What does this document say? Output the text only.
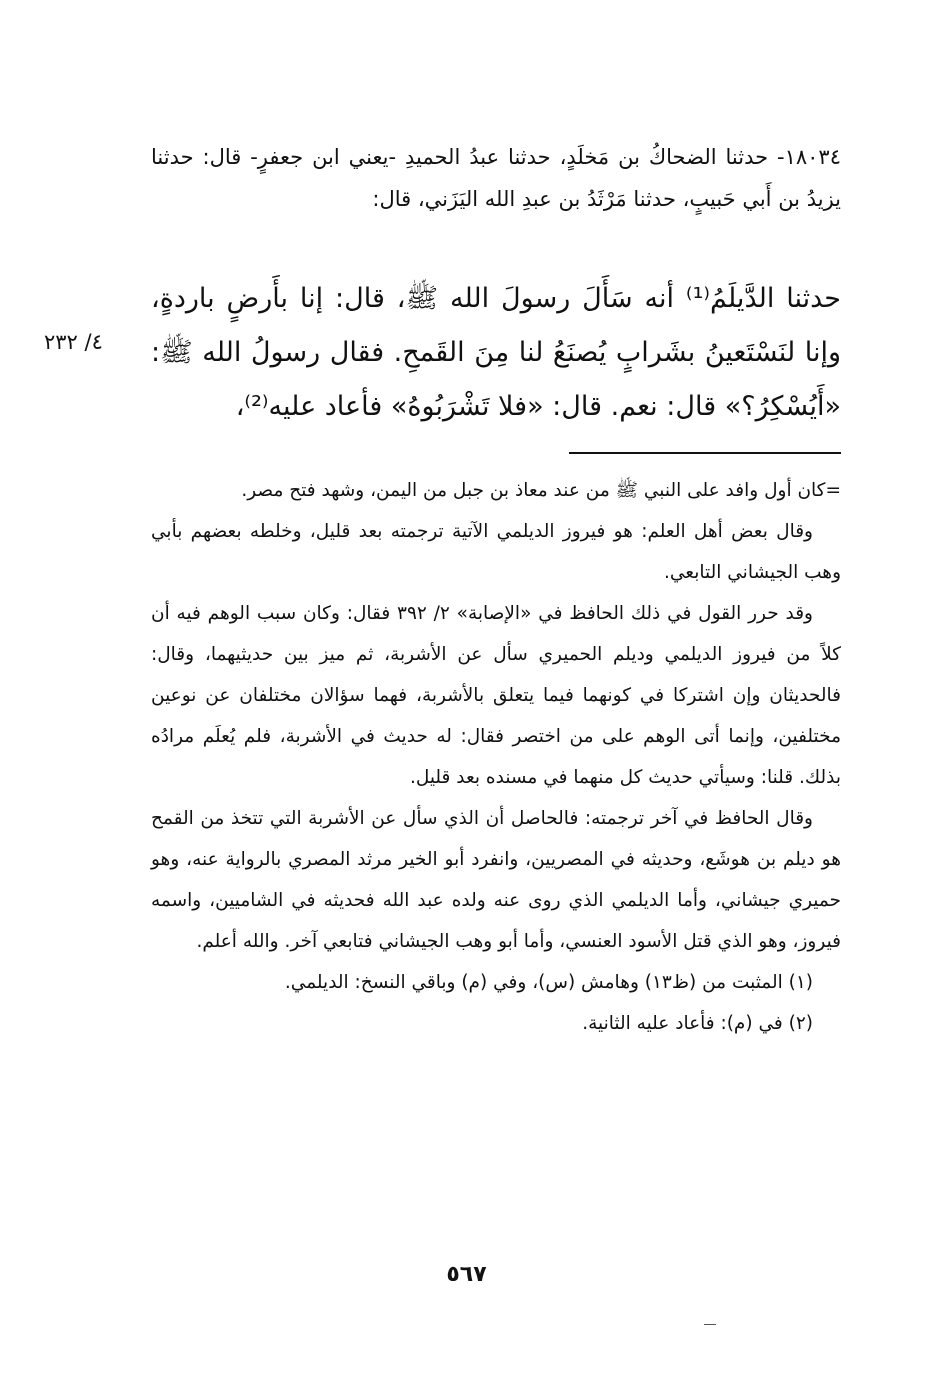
١٨٠٣٤- حدثنا الضحاكُ بن مَخلَدٍ، حدثنا عبدُ الحميدِ -يعني ابن جعفرٍ- قال: حدثنا يزيدُ بن أَبي حَبيبٍ، حدثنا مَرْثَدُ بن عبدِ الله اليَزَني، قال:

حدثنا الدَّيلَمُ⁽¹⁾ أنه سَأَلَ رسولَ الله ﷺ، قال: إنا بأَرضٍ باردةٍ، وإنا لنَسْتَعينُ بشَرابٍ يُصنَعُ لنا مِنَ القَمحِ. فقال رسولُ الله ﷺ: «أَيُسْكِرُ؟» قال: نعم. قال: «فلا تَشْرَبُوهُ» فأعاد عليه⁽²⁾،

٤/ ٢٣٢

=كان أول وافد على النبي ﷺ من عند معاذ بن جبل من اليمن، وشهد فتح مصر.

وقال بعض أهل العلم: هو فيروز الديلمي الآتية ترجمته بعد قليل، وخلطه بعضهم بأبي وهب الجيشاني التابعي.

وقد حرر القول في ذلك الحافظ في «الإصابة» ٢/ ٣٩٢ فقال: وكان سبب الوهم فيه أن كلاً من فيروز الديلمي وديلم الحميري سأل عن الأشربة، ثم ميز بين حديثيهما، وقال: فالحديثان وإن اشتركا في كونهما فيما يتعلق بالأشربة، فهما سؤالان مختلفان عن نوعين مختلفين، وإنما أتى الوهم على من اختصر فقال: له حديث في الأشربة، فلم يُعلَم مرادُه بذلك. قلنا: وسيأتي حديث كل منهما في مسنده بعد قليل.

وقال الحافظ في آخر ترجمته: فالحاصل أن الذي سأل عن الأشربة التي تتخذ من القمح هو ديلم بن هوشَع، وحديثه في المصريين، وانفرد أبو الخير مرثد المصري بالرواية عنه، وهو حميري جيشاني، وأما الديلمي الذي روى عنه ولده عبد الله فحديثه في الشاميين، واسمه فيروز، وهو الذي قتل الأسود العنسي، وأما أبو وهب الجيشاني فتابعي آخر. والله أعلم.

(١) المثبت من (ظ١٣) وهامش (س)، وفي (م) وباقي النسخ: الديلمي.

(٢) في (م): فأعاد عليه الثانية.

٥٦٧
